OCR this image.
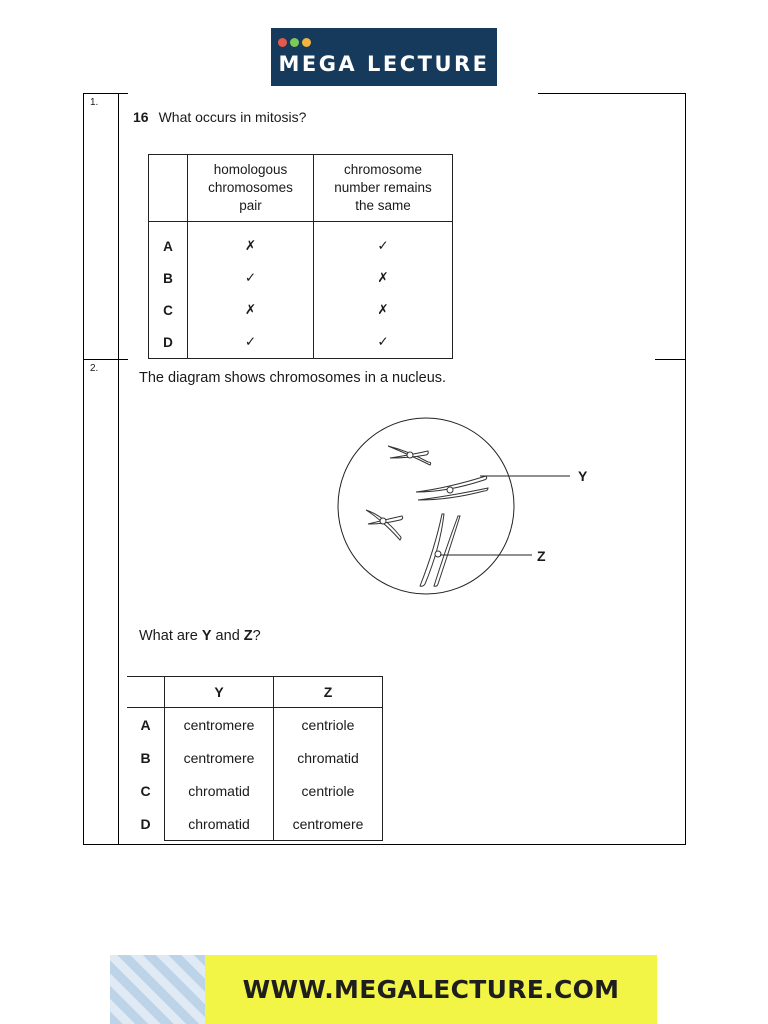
MEGA LECTURE
1.
16 What occurs in mitosis?
	homologous
chromosomes
pair	chromosome
number remains
the same
A	✗	✓
B	✓	✗
C	✗	✗
D	✓	✓
2.
The diagram shows chromosomes in a nucleus.
Y
Z
What are Y and Z?
	Y	Z
A	centromere	centriole
B	centromere	chromatid
C	chromatid	centriole
D	chromatid	centromere
WWW.MEGALECTURE.COM
